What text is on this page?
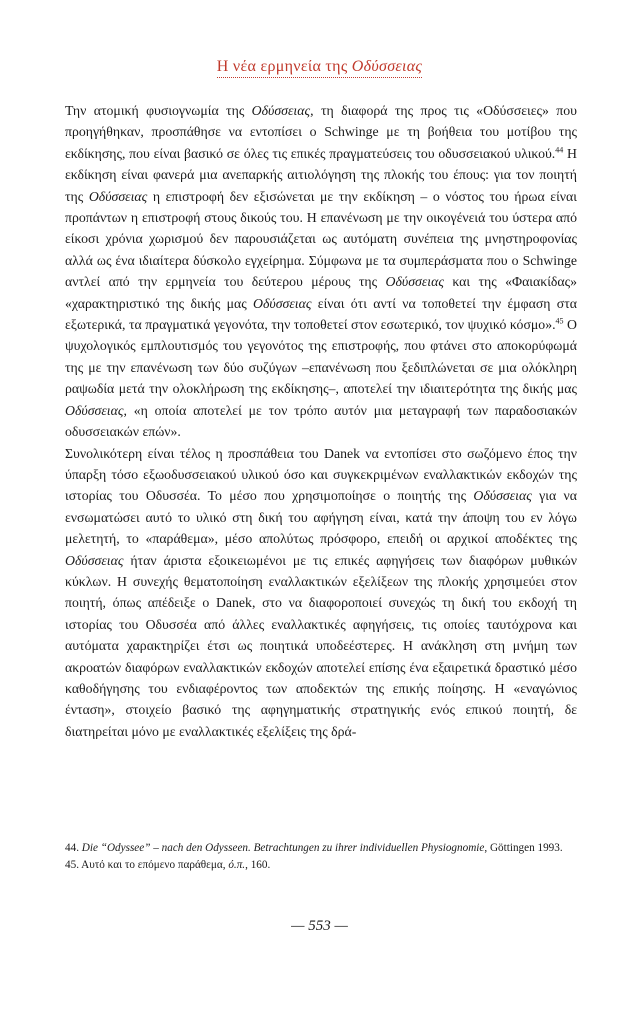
Η νέα ερμηνεία της Οδύσσειας

Την ατομική φυσιογνωμία της Οδύσσειας, τη διαφορά της προς τις «Οδύσσειες» που προηγήθηκαν, προσπάθησε να εντοπίσει ο Schwinge με τη βοήθεια του μοτίβου της εκδίκησης, που είναι βασικό σε όλες τις επικές πραγματεύσεις του οδυσσειακού υλικού.$^{44}$ Η εκδίκηση είναι φανερά μια ανεπαρκής αιτιολόγηση της πλοκής του έπους: για τον ποιητή της Οδύσσειας η επιστροφή δεν εξισώνεται με την εκδίκηση – ο νόστος του ήρωα είναι προπάντων η επιστροφή στους δικούς του. Η επανένωση με την οικογένειά του ύστερα από είκοσι χρόνια χωρισμού δεν παρουσιάζεται ως αυτόματη συνέπεια της μνηστηροφονίας αλλά ως ένα ιδιαίτερα δύσκολο εγχείρημα. Σύμφωνα με τα συμπεράσματα που ο Schwinge αντλεί από την ερμηνεία του δεύτερου μέρους της Οδύσσειας και της «Φαιακίδας» «χαρακτηριστικό της δικής μας Οδύσσειας είναι ότι αντί να τοποθετεί την έμφαση στα εξωτερικά, τα πραγματικά γεγονότα, την τοποθετεί στον εσωτερικό, τον ψυχικό κόσμο».$^{45}$ Ο ψυχολογικός εμπλουτισμός του γεγονότος της επιστροφής, που φτάνει στο αποκορύφωμά της με την επανένωση των δύο συζύγων –επανένωση που ξεδιπλώνεται σε μια ολόκληρη ραψωδία μετά την ολοκλήρωση της εκδίκησης–, αποτελεί την ιδιαιτερότητα της δικής μας Οδύσσειας, «η οποία αποτελεί με τον τρόπο αυτόν μια μεταγραφή των παραδοσιακών οδυσσειακών επών».

Συνολικότερη είναι τέλος η προσπάθεια του Danek να εντοπίσει στο σωζόμενο έπος την ύπαρξη τόσο εξωοδυσσειακού υλικού όσο και συγκεκριμένων εναλλακτικών εκδοχών της ιστορίας του Οδυσσέα. Το μέσο που χρησιμοποίησε ο ποιητής της Οδύσσειας για να ενσωματώσει αυτό το υλικό στη δική του αφήγηση είναι, κατά την άποψη του εν λόγω μελετητή, το «παράθεμα», μέσο απολύτως πρόσφορο, επειδή οι αρχικοί αποδέκτες της Οδύσσειας ήταν άριστα εξοικειωμένοι με τις επικές αφηγήσεις των διαφόρων μυθικών κύκλων. Η συνεχής θεματοποίηση εναλλακτικών εξελίξεων της πλοκής χρησιμεύει στον ποιητή, όπως απέδειξε ο Danek, στο να διαφοροποιεί συνεχώς τη δική του εκδοχή τη ιστορίας του Οδυσσέα από άλλες εναλλακτικές αφηγήσεις, τις οποίες ταυτόχρονα και αυτόματα χαρακτηρίζει έτσι ως ποιητικά υποδεέστερες. Η ανάκληση στη μνήμη των ακροατών διαφόρων εναλλακτικών εκδοχών αποτελεί επίσης ένα εξαιρετικά δραστικό μέσο καθοδήγησης του ενδιαφέροντος των αποδεκτών της επικής ποίησης. Η «εναγώνιος ένταση», στοιχείο βασικό της αφηγηματικής στρατηγικής ενός επικού ποιητή, δε διατηρείται μόνο με εναλλακτικές εξελίξεις της δρά-

44. Die “Odyssee” – nach den Odysseen. Betrachtungen zu ihrer individuellen Physiognomie, Göttingen 1993.

45. Αυτό και το επόμενο παράθεμα, ό.π., 160.

— 553 —
